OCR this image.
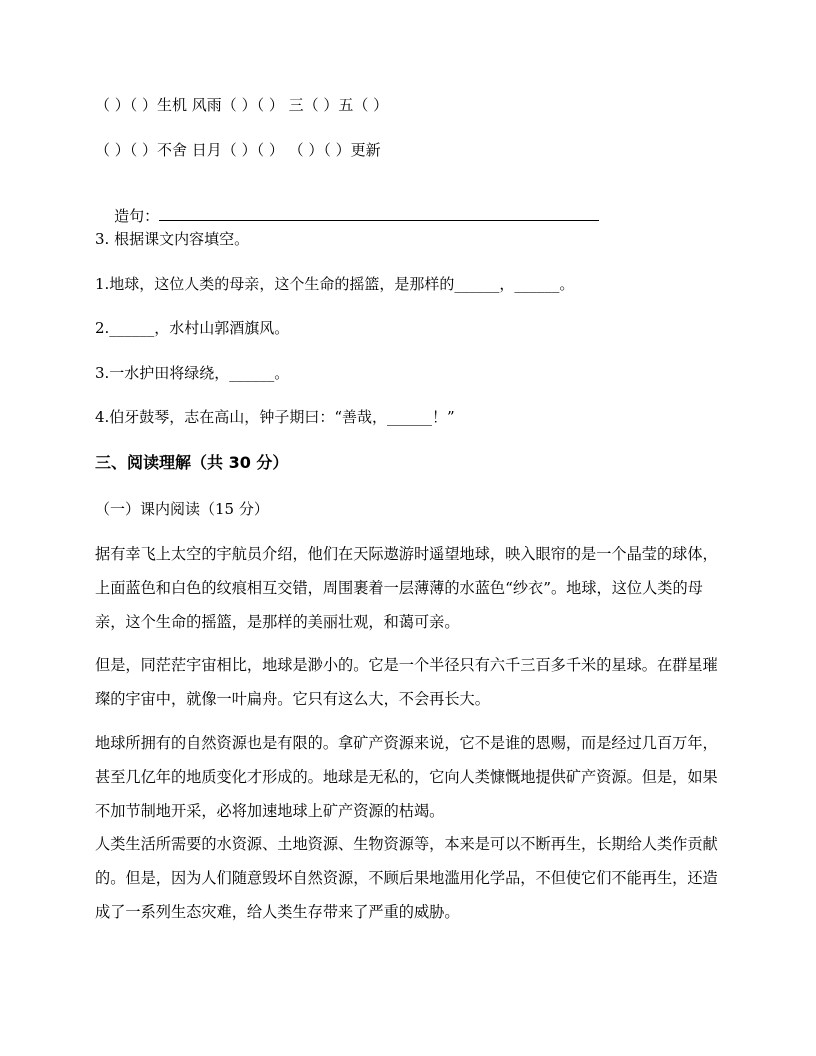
（ ）（ ）生机 风雨（ ）（ ） 三（ ）五（ ）
（ ）（ ）不舍 日月（ ）（ ） （ ）（ ）更新

造句：

3. 根据课文内容填空。
1.地球，这位人类的母亲，这个生命的摇篮，是那样的______，______。
2.______，水村山郭酒旗风。
3.一水护田将绿绕，______。
4.伯牙鼓琴，志在高山，钟子期曰：“善哉，______！”
三、阅读理解（共 30 分）
（一）课内阅读（15 分）

据有幸飞上太空的宇航员介绍，他们在天际遨游时遥望地球，映入眼帘的是一个晶莹的球体，上面蓝色和白色的纹痕相互交错，周围裹着一层薄薄的水蓝色“纱衣”。地球，这位人类的母亲，这个生命的摇篮，是那样的美丽壮观，和蔼可亲。

但是，同茫茫宇宙相比，地球是渺小的。它是一个半径只有六千三百多千米的星球。在群星璀璨的宇宙中，就像一叶扁舟。它只有这么大，不会再长大。

地球所拥有的自然资源也是有限的。拿矿产资源来说，它不是谁的恩赐，而是经过几百万年，甚至几亿年的地质变化才形成的。地球是无私的，它向人类慷慨地提供矿产资源。但是，如果不加节制地开采，必将加速地球上矿产资源的枯竭。

人类生活所需要的水资源、土地资源、生物资源等，本来是可以不断再生，长期给人类作贡献的。但是，因为人们随意毁坏自然资源，不顾后果地滥用化学品，不但使它们不能再生，还造成了一系列生态灾难，给人类生存带来了严重的威胁。
